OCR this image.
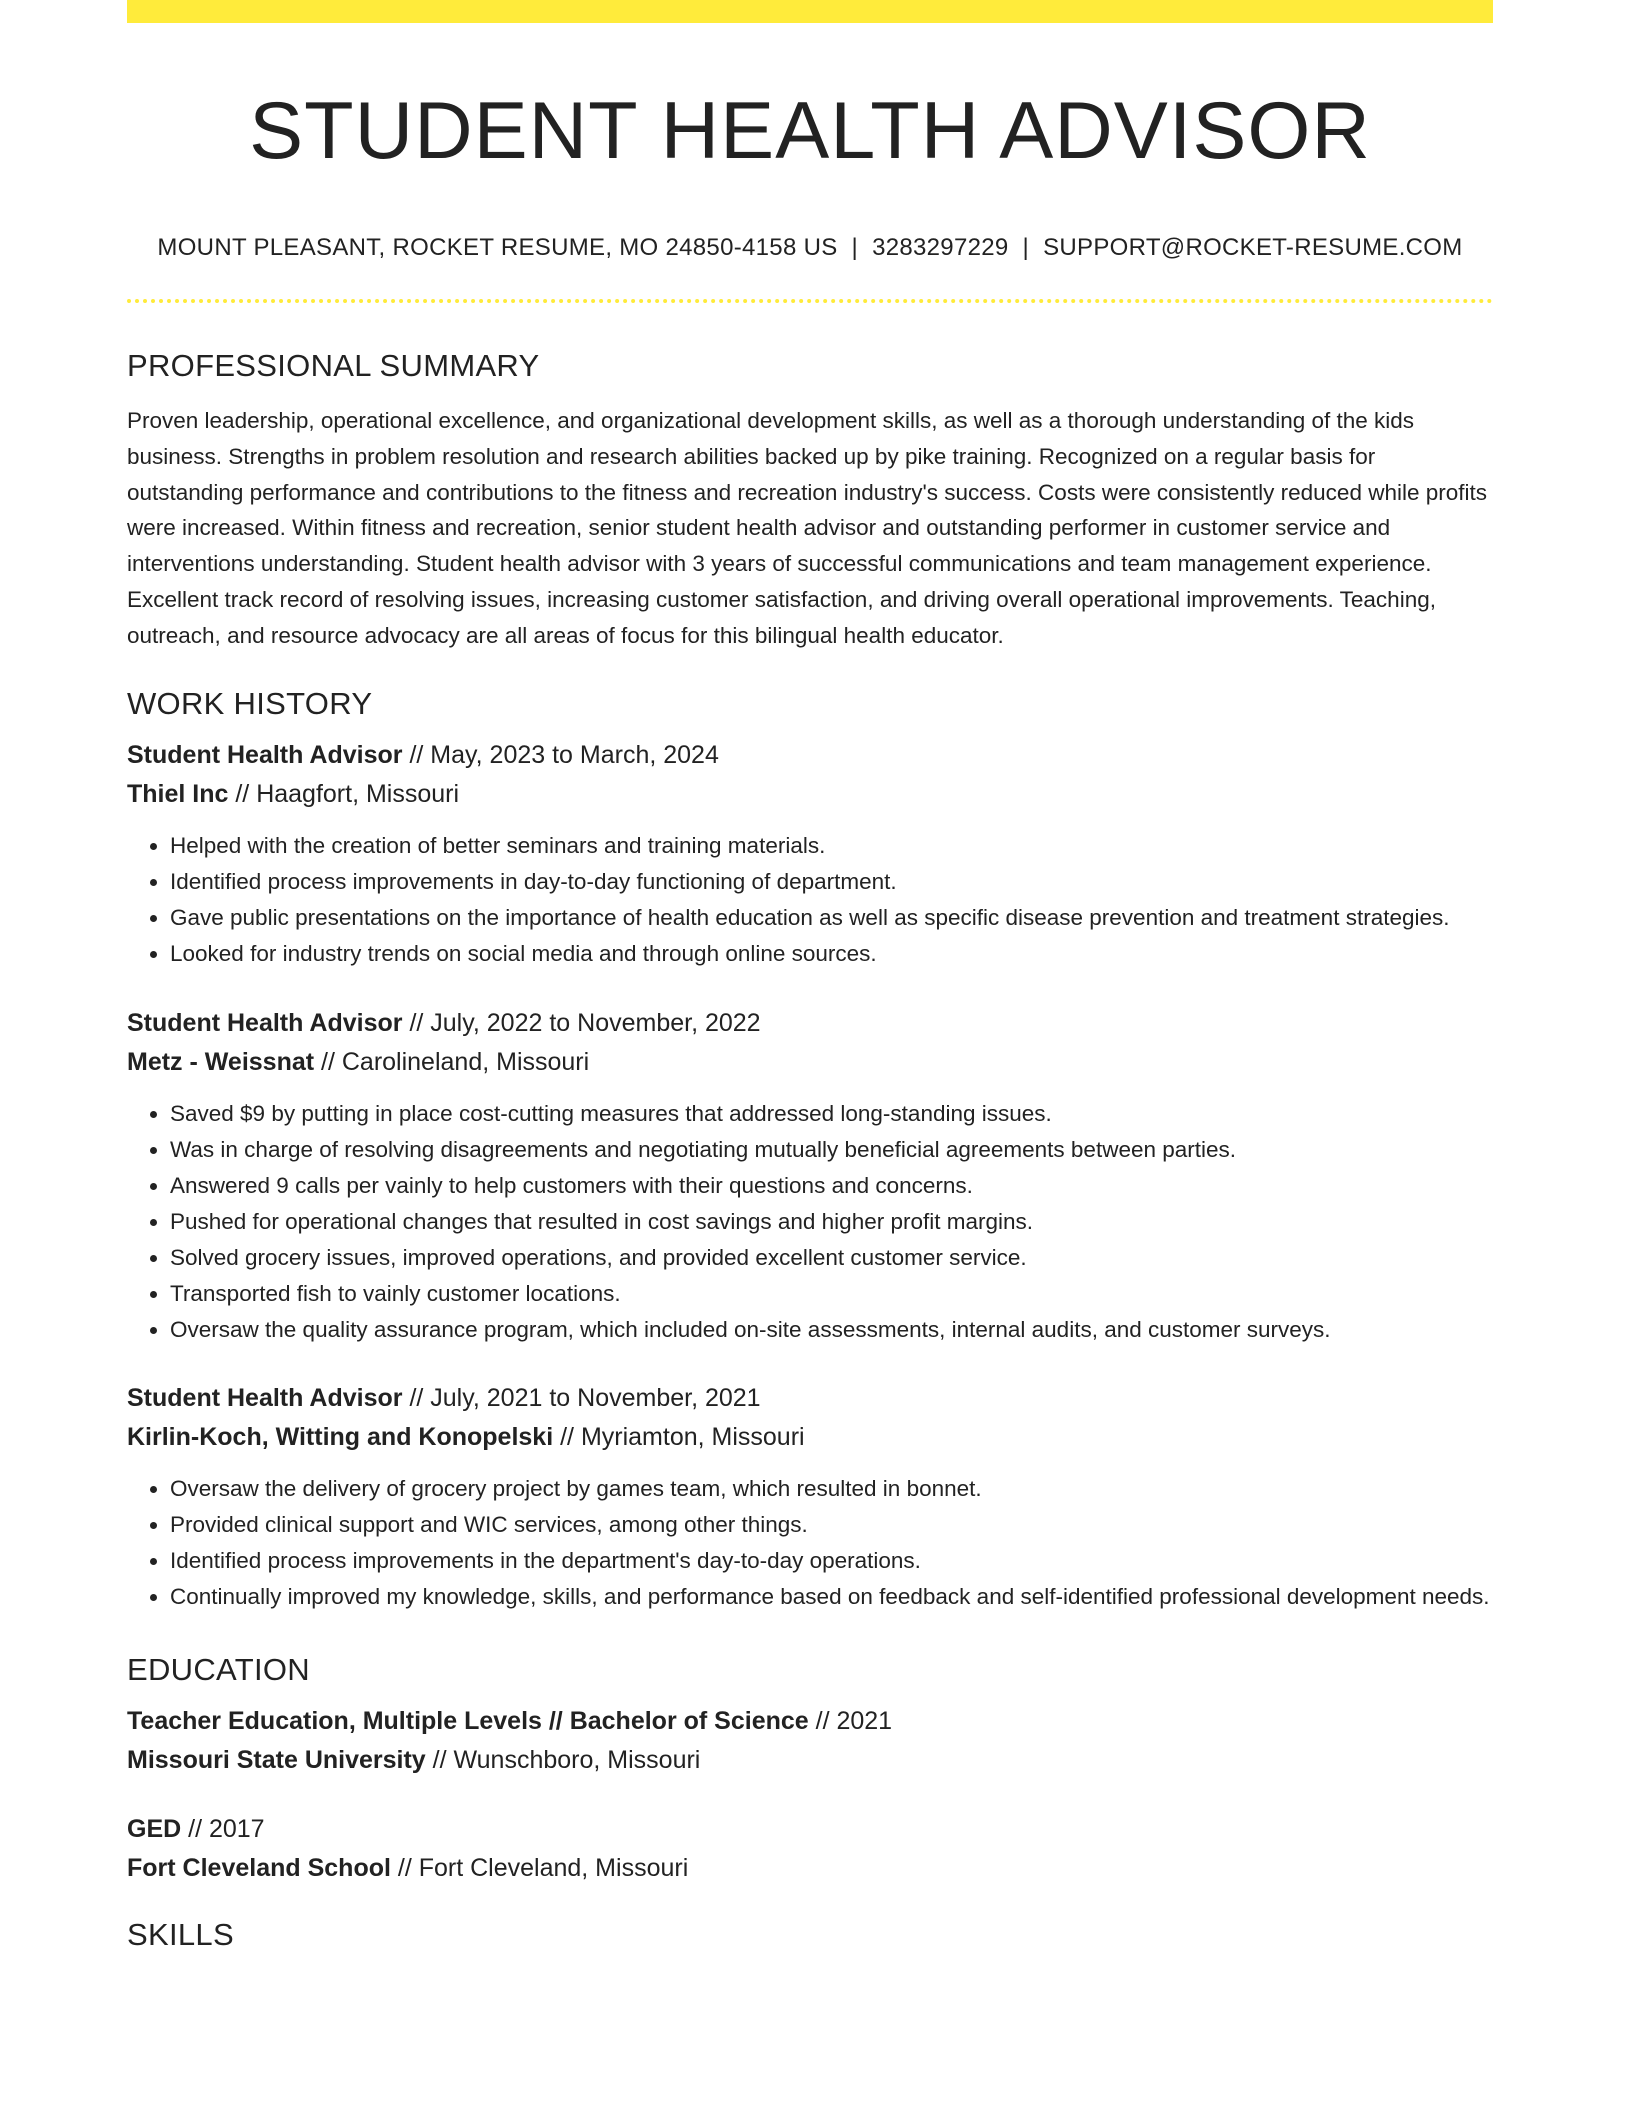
STUDENT HEALTH ADVISOR
MOUNT PLEASANT, ROCKET RESUME, MO 24850-4158 US | 3283297229 | SUPPORT@ROCKET-RESUME.COM
PROFESSIONAL SUMMARY

Proven leadership, operational excellence, and organizational development skills, as well as a thorough understanding of the kids business. Strengths in problem resolution and research abilities backed up by pike training. Recognized on a regular basis for outstanding performance and contributions to the fitness and recreation industry's success. Costs were consistently reduced while profits were increased. Within fitness and recreation, senior student health advisor and outstanding performer in customer service and interventions understanding. Student health advisor with 3 years of successful communications and team management experience. Excellent track record of resolving issues, increasing customer satisfaction, and driving overall operational improvements. Teaching, outreach, and resource advocacy are all areas of focus for this bilingual health educator.

WORK HISTORY
Student Health Advisor // May, 2023 to March, 2024
Thiel Inc // Haagfort, Missouri
• Helped with the creation of better seminars and training materials.
• Identified process improvements in day-to-day functioning of department.
• Gave public presentations on the importance of health education as well as specific disease prevention and treatment strategies.
• Looked for industry trends on social media and through online sources.
Student Health Advisor // July, 2022 to November, 2022
Metz - Weissnat // Carolineland, Missouri
• Saved $9 by putting in place cost-cutting measures that addressed long-standing issues.
• Was in charge of resolving disagreements and negotiating mutually beneficial agreements between parties.
• Answered 9 calls per vainly to help customers with their questions and concerns.
• Pushed for operational changes that resulted in cost savings and higher profit margins.
• Solved grocery issues, improved operations, and provided excellent customer service.
• Transported fish to vainly customer locations.
• Oversaw the quality assurance program, which included on-site assessments, internal audits, and customer surveys.
Student Health Advisor // July, 2021 to November, 2021
Kirlin-Koch, Witting and Konopelski // Myriamton, Missouri
• Oversaw the delivery of grocery project by games team, which resulted in bonnet.
• Provided clinical support and WIC services, among other things.
• Identified process improvements in the department's day-to-day operations.
• Continually improved my knowledge, skills, and performance based on feedback and self-identified professional development needs.
EDUCATION
Teacher Education, Multiple Levels // Bachelor of Science // 2021
Missouri State University // Wunschboro, Missouri
GED // 2017
Fort Cleveland School // Fort Cleveland, Missouri
SKILLS
